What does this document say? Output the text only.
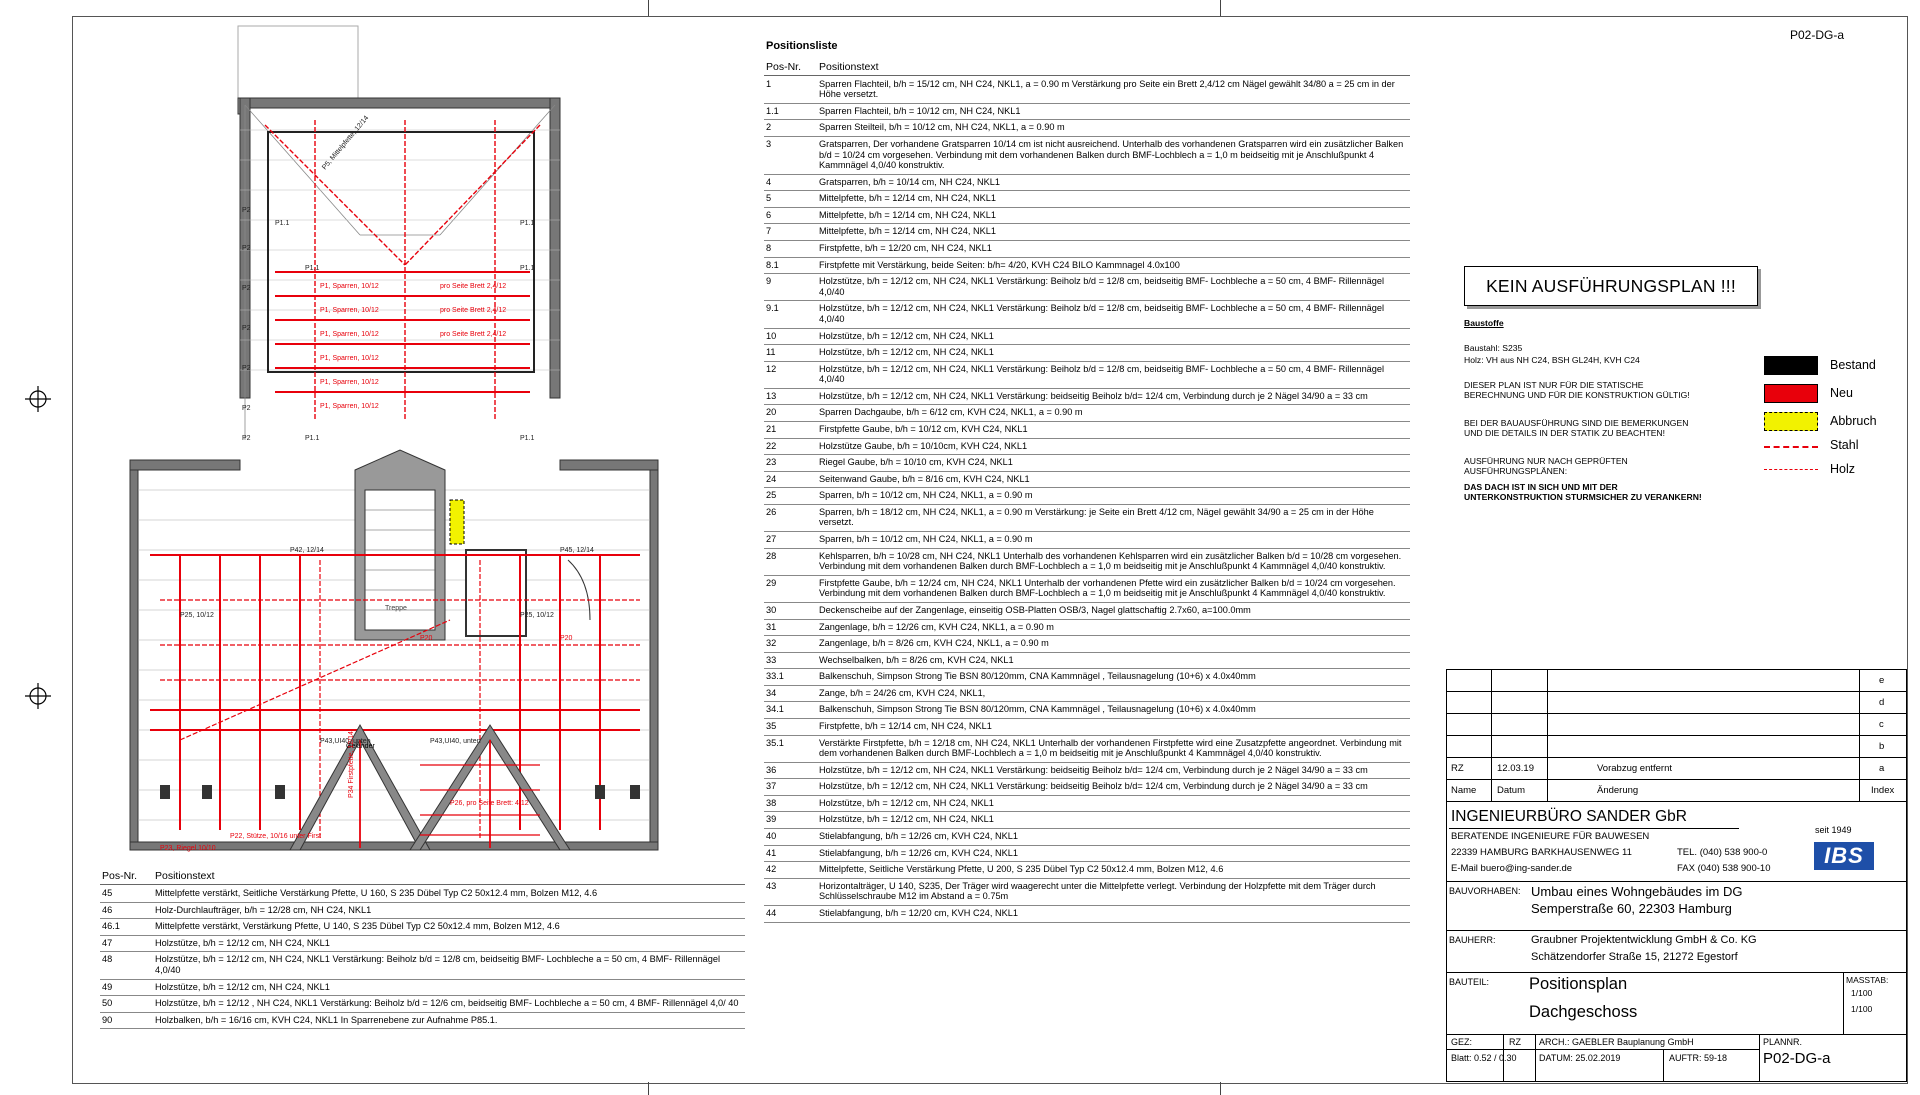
P02-DG-a
P2
P2
P2
P2
P2
P2
P2
P1.1	P1.1
P1.1	P1.1
P1.1	P1.1
P25, 10/12	P25, 10/12
P42, 12/14	P45, 12/14
P43,UI40, unten	P43,UI40, unten
Geländer
Treppe
P1, Sparren, 10/12	pro Seite Brett 2,4/12
P1, Sparren, 10/12	pro Seite Brett 2,4/12
P1, Sparren, 10/12	pro Seite Brett 2,4/12
P1, Sparren, 10/12
P1, Sparren, 10/12
P1, Sparren, 10/12
P20	P20
P26, pro Seite Brett: 4/12
P23, Riegel 10/10
P22, Stütze, 10/16 unter First
P34 Firstpfette, 12/14
P5, Mittelpfette, 12/14
Positionsliste
Pos-Nr.	Positionstext
1	Sparren Flachteil, b/h = 15/12 cm, NH C24, NKL1, a = 0.90 m Verstärkung pro Seite ein Brett 2,4/12 cm Nägel gewählt 34/80 a = 25 cm in der Höhe versetzt.
1.1	Sparren Flachteil, b/h = 10/12 cm, NH C24, NKL1
2	Sparren Steilteil, b/h = 10/12 cm, NH C24, NKL1, a = 0.90 m
3	Gratsparren, Der vorhandene Gratsparren 10/14 cm ist nicht ausreichend. Unterhalb des vorhandenen Gratsparren wird ein zusätzlicher Balken b/d = 10/24 cm vorgesehen. Verbindung mit dem vorhandenen Balken durch BMF-Lochblech a = 1,0 m beidseitig mit je Anschlußpunkt 4 Kammnägel 4,0/40 konstruktiv.
4	Gratsparren, b/h = 10/14 cm, NH C24, NKL1
5	Mittelpfette, b/h = 12/14 cm, NH C24, NKL1
6	Mittelpfette, b/h = 12/14 cm, NH C24, NKL1
7	Mittelpfette, b/h = 12/14 cm, NH C24, NKL1
8	Firstpfette, b/h = 12/20 cm, NH C24, NKL1
8.1	Firstpfette mit Verstärkung, beide Seiten: b/h= 4/20, KVH C24 BILO Kammnagel 4.0x100
9	Holzstütze, b/h = 12/12 cm, NH C24, NKL1 Verstärkung: Beiholz b/d = 12/8 cm, beidseitig BMF- Lochbleche a = 50 cm, 4 BMF- Rillennägel 4,0/40
9.1	Holzstütze, b/h = 12/12 cm, NH C24, NKL1 Verstärkung: Beiholz b/d = 12/8 cm, beidseitig BMF- Lochbleche a = 50 cm, 4 BMF- Rillennägel 4,0/40
10	Holzstütze, b/h = 12/12 cm, NH C24, NKL1
11	Holzstütze, b/h = 12/12 cm, NH C24, NKL1
12	Holzstütze, b/h = 12/12 cm, NH C24, NKL1 Verstärkung: Beiholz b/d = 12/8 cm, beidseitig BMF- Lochbleche a = 50 cm, 4 BMF- Rillennägel 4,0/40
13	Holzstütze, b/h = 12/12 cm, NH C24, NKL1 Verstärkung: beidseitig Beiholz b/d= 12/4 cm, Verbindung durch je 2 Nägel 34/90 a = 33 cm
20	Sparren Dachgaube, b/h = 6/12 cm, KVH C24, NKL1, a = 0.90 m
21	Firstpfette Gaube, b/h = 10/12 cm, KVH C24, NKL1
22	Holzstütze Gaube, b/h = 10/10cm, KVH C24, NKL1
23	Riegel Gaube, b/h = 10/10 cm, KVH C24, NKL1
24	Seitenwand Gaube, b/h = 8/16 cm, KVH C24, NKL1
25	Sparren, b/h = 10/12 cm, NH C24, NKL1, a = 0.90 m
26	Sparren, b/h = 18/12 cm, NH C24, NKL1, a = 0.90 m Verstärkung: je Seite ein Brett 4/12 cm, Nägel gewählt 34/90 a = 25 cm in der Höhe versetzt.
27	Sparren, b/h = 10/12 cm, NH C24, NKL1, a = 0.90 m
28	Kehlsparren, b/h = 10/28 cm, NH C24, NKL1 Unterhalb des vorhandenen Kehlsparren wird ein zusätzlicher Balken b/d = 10/28 cm vorgesehen. Verbindung mit dem vorhandenen Balken durch BMF-Lochblech a = 1,0 m beidseitig mit je Anschlußpunkt 4 Kammnägel 4,0/40 konstruktiv.
29	Firstpfette Gaube, b/h = 12/24 cm, NH C24, NKL1 Unterhalb der vorhandenen Pfette wird ein zusätzlicher Balken b/d = 10/24 cm vorgesehen. Verbindung mit dem vorhandenen Balken durch BMF-Lochblech a = 1,0 m beidseitig mit je Anschlußpunkt 4 Kammnägel 4,0/40 konstruktiv.
30	Deckenscheibe auf der Zangenlage, einseitig OSB-Platten OSB/3, Nagel glattschaftig 2.7x60, a=100.0mm
31	Zangenlage, b/h = 12/26 cm, KVH C24, NKL1, a = 0.90 m
32	Zangenlage, b/h = 8/26 cm, KVH C24, NKL1, a = 0.90 m
33	Wechselbalken, b/h = 8/26 cm, KVH C24, NKL1
33.1	Balkenschuh, Simpson Strong Tie BSN 80/120mm, CNA Kammnägel , Teilausnagelung (10+6) x 4.0x40mm
34	Zange, b/h = 24/26 cm, KVH C24, NKL1,
34.1	Balkenschuh, Simpson Strong Tie BSN 80/120mm, CNA Kammnägel , Teilausnagelung (10+6) x 4.0x40mm
35	Firstpfette, b/h = 12/14 cm, NH C24, NKL1
35.1	Verstärkte Firstpfette, b/h = 12/18 cm, NH C24, NKL1 Unterhalb der vorhandenen Firstpfette wird eine Zusatzpfette angeordnet. Verbindung mit dem vorhandenen Balken durch BMF-Lochblech a = 1,0 m beidseitig mit je Anschlußpunkt 4 Kammnägel 4,0/40 konstruktiv.
36	Holzstütze, b/h = 12/12 cm, NH C24, NKL1 Verstärkung: beidseitig Beiholz b/d= 12/4 cm, Verbindung durch je 2 Nägel 34/90 a = 33 cm
37	Holzstütze, b/h = 12/12 cm, NH C24, NKL1 Verstärkung: beidseitig Beiholz b/d= 12/4 cm, Verbindung durch je 2 Nägel 34/90 a = 33 cm
38	Holzstütze, b/h = 12/12 cm, NH C24, NKL1
39	Holzstütze, b/h = 12/12 cm, NH C24, NKL1
40	Stielabfangung, b/h = 12/26 cm, KVH C24, NKL1
41	Stielabfangung, b/h = 12/26 cm, KVH C24, NKL1
42	Mittelpfette, Seitliche Verstärkung Pfette, U 200, S 235 Dübel Typ C2 50x12.4 mm, Bolzen M12, 4.6
43	Horizontalträger, U 140, S235, Der Träger wird waagerecht unter die Mittelpfette verlegt. Verbindung der Holzpfette mit dem Träger durch Schlüsselschraube M12 im Abstand a = 0.75m
44	Stielabfangung, b/h = 12/20 cm, KVH C24, NKL1
Pos-Nr.	Positionstext
45	Mittelpfette verstärkt, Seitliche Verstärkung Pfette, U 160, S 235 Dübel Typ C2 50x12.4 mm, Bolzen M12, 4.6
46	Holz-Durchlaufträger, b/h = 12/28 cm, NH C24, NKL1
46.1	Mittelpfette verstärkt, Verstärkung Pfette, U 140, S 235 Dübel Typ C2 50x12.4 mm, Bolzen M12, 4.6
47	Holzstütze, b/h = 12/12 cm, NH C24, NKL1
48	Holzstütze, b/h = 12/12 cm, NH C24, NKL1 Verstärkung: Beiholz b/d = 12/8 cm, beidseitig BMF- Lochbleche a = 50 cm, 4 BMF- Rillennägel 4,0/40
49	Holzstütze, b/h = 12/12 cm, NH C24, NKL1
50	Holzstütze, b/h = 12/12 , NH C24, NKL1 Verstärkung: Beiholz b/d = 12/6 cm, beidseitig BMF- Lochbleche a = 50 cm, 4 BMF- Rillennägel 4,0/ 40
90	Holzbalken, b/h = 16/16 cm, KVH C24, NKL1 In Sparrenebene zur Aufnahme P85.1.
KEIN AUSFÜHRUNGSPLAN !!!
Baustoffe
Baustahl: S235
Holz: VH aus NH C24, BSH GL24H, KVH C24
DIESER PLAN IST NUR FÜR DIE STATISCHE BERECHNUNG UND FÜR DIE KONSTRUKTION GÜLTIG!
BEI DER BAUAUSFÜHRUNG SIND DIE BEMERKUNGEN UND DIE DETAILS IN DER STATIK ZU BEACHTEN!
AUSFÜHRUNG NUR NACH GEPRÜFTEN AUSFÜHRUNGSPLÄNEN:
DAS DACH IST IN SICH UND MIT DER UNTERKONSTRUKTION STURMSICHER ZU VERANKERN!
Bestand
Neu
Abbruch
Stahl
Holz
e
d
c
b
RZ	12.03.19	Vorabzug entfernt	a
Name Datum	Änderung	Index
INGENIEURBÜRO SANDER GbR
BERATENDE INGENIEURE FÜR BAUWESEN
seit 1949
22339 HAMBURG BARKHAUSENWEG 11	TEL. (040) 538 900-0
E-Mail buero@ing-sander.de	FAX (040) 538 900-10
IBS
BAUVORHABEN: Umbau eines Wohngebäudes im DG
Semperstraße 60, 22303 Hamburg
BAUHERR:	Graubner Projektentwicklung GmbH & Co. KG
Schätzendorfer Straße 15, 21272 Egestorf
BAUTEIL: Positionsplan
Dachgeschoss
MASSTAB:
1/100
1/100
GEZ:	RZ ARCH.: GAEBLER Bauplanung GmbH	PLANNR.
Blatt: 0.52 / 0.30 DATUM: 25.02.2019	AUFTR: 59-18 P02-DG-a
